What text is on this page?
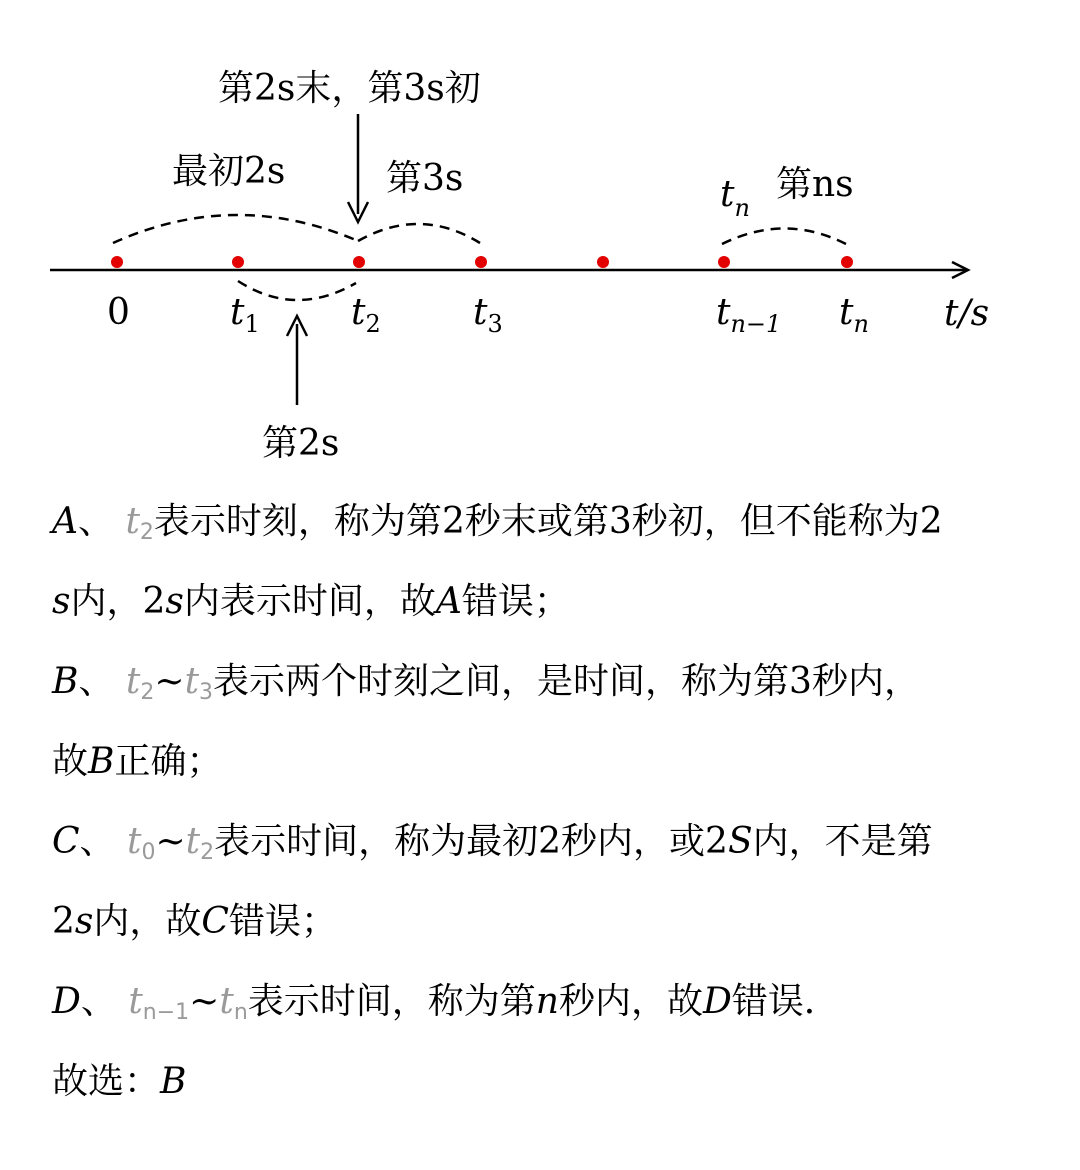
第2s末，第3s初
最初2s	第3s	第ns
tn
第2s
0	t1	t2	t3	tn−1 tn t/s
A、 t2表示时刻，称为第2秒末或第3秒初，但不能称为2
s内，2s内表示时间，故A错误；
B、 t2∼t3表示两个时刻之间，是时间，称为第3秒内，
故B正确；
C、 t0∼t2表示时间，称为最初2秒内，或2S内，不是第
2s内，故C错误；
D、 tn−1∼tn表示时间，称为第n秒内，故D错误．
故选：B
